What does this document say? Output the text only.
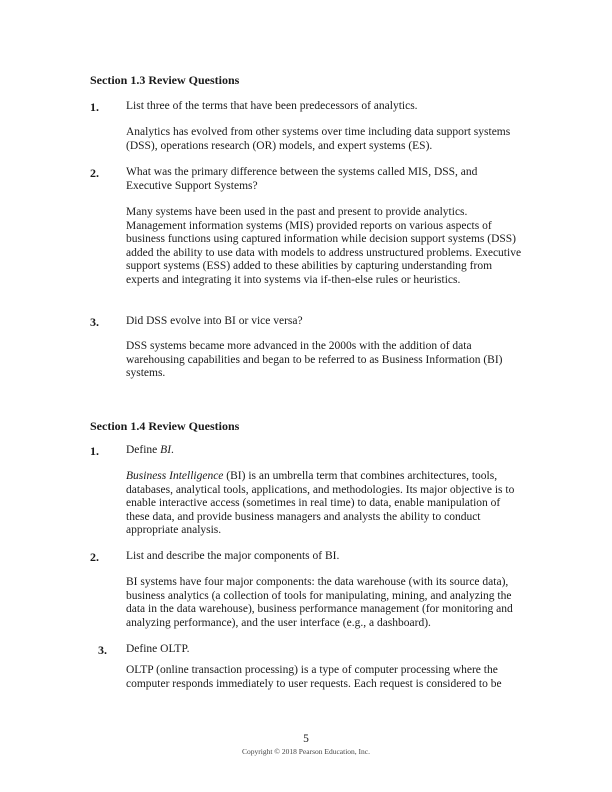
Section 1.3 Review Questions
1. List three of the terms that have been predecessors of analytics.
Analytics has evolved from other systems over time including data support systems (DSS), operations research (OR) models, and expert systems (ES).
2. What was the primary difference between the systems called MIS, DSS, and Executive Support Systems?
Many systems have been used in the past and present to provide analytics. Management information systems (MIS) provided reports on various aspects of business functions using captured information while decision support systems (DSS) added the ability to use data with models to address unstructured problems. Executive support systems (ESS) added to these abilities by capturing understanding from experts and integrating it into systems via if-then-else rules or heuristics.
3. Did DSS evolve into BI or vice versa?
DSS systems became more advanced in the 2000s with the addition of data warehousing capabilities and began to be referred to as Business Information (BI) systems.
Section 1.4 Review Questions
1. Define BI.
Business Intelligence (BI) is an umbrella term that combines architectures, tools, databases, analytical tools, applications, and methodologies. Its major objective is to enable interactive access (sometimes in real time) to data, enable manipulation of these data, and provide business managers and analysts the ability to conduct appropriate analysis.
2. List and describe the major components of BI.
BI systems have four major components: the data warehouse (with its source data), business analytics (a collection of tools for manipulating, mining, and analyzing the data in the data warehouse), business performance management (for monitoring and analyzing performance), and the user interface (e.g., a dashboard).
3. Define OLTP.
OLTP (online transaction processing) is a type of computer processing where the computer responds immediately to user requests. Each request is considered to be
5
Copyright © 2018 Pearson Education, Inc.
